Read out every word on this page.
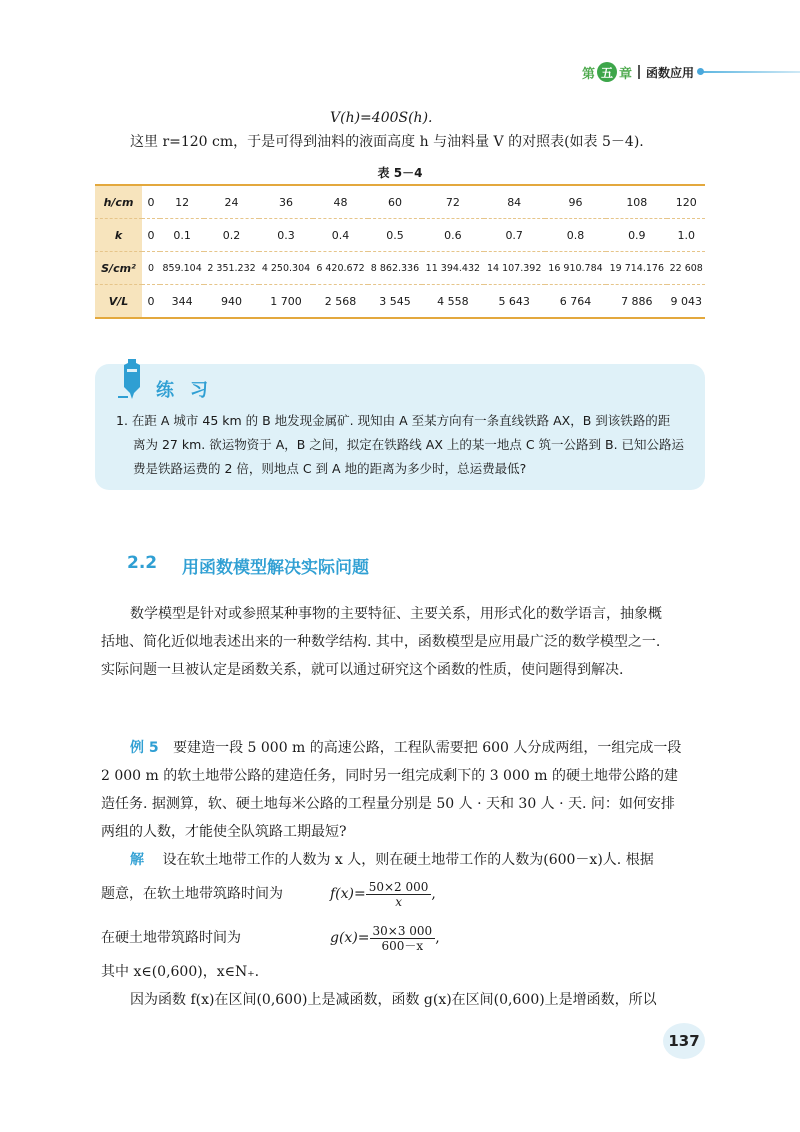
第 五 章 函数应用
V(h)=400S(h).
这里 r=120 cm，于是可得到油料的液面高度 h 与油料量 V 的对照表(如表 5－4).
表 5－4
h/cm	0	12	24	36	48	60	72	84	96	108	120
k	0	0.1	0.2	0.3	0.4	0.5	0.6	0.7	0.8	0.9	1.0
S/cm²	0	859.104	2 351.232	4 250.304	6 420.672	8 862.336	11 394.432	14 107.392	16 910.784	19 714.176	22 608
V/L	0	344	940	1 700	2 568	3 545	4 558	5 643	6 764	7 886	9 043
练习
1. 在距 A 城市 45 km 的 B 地发现金属矿. 现知由 A 至某方向有一条直线铁路 AX，B 到该铁路的距
离为 27 km. 欲运物资于 A，B 之间，拟定在铁路线 AX 上的某一地点 C 筑一公路到 B. 已知公路运
费是铁路运费的 2 倍，则地点 C 到 A 地的距离为多少时，总运费最低?
2.2 用函数模型解决实际问题
数学模型是针对或参照某种事物的主要特征、主要关系，用形式化的数学语言，抽象概
括地、简化近似地表述出来的一种数学结构. 其中，函数模型是应用最广泛的数学模型之一.
实际问题一旦被认定是函数关系，就可以通过研究这个函数的性质，使问题得到解决.
例 5 要建造一段 5 000 m 的高速公路，工程队需要把 600 人分成两组，一组完成一段
2 000 m 的软土地带公路的建造任务，同时另一组完成剩下的 3 000 m 的硬土地带公路的建
造任务. 据测算，软、硬土地每米公路的工程量分别是 50 人 · 天和 30 人 · 天. 问：如何安排
两组的人数，才能使全队筑路工期最短?
解 设在软土地带工作的人数为 x 人，则在硬土地带工作的人数为(600－x)人. 根据
题意，在软土地带筑路时间为	$f(x)= \frac{50\times 2 000}{x}$ ,
在硬土地带筑路时间为	$g(x)= \frac{30\times 3 000}{600-x}$ ,
其中 x∈(0,600)，x∈N₊.
因为函数 f(x)在区间(0,600)上是减函数，函数 g(x)在区间(0,600)上是增函数，所以
137
